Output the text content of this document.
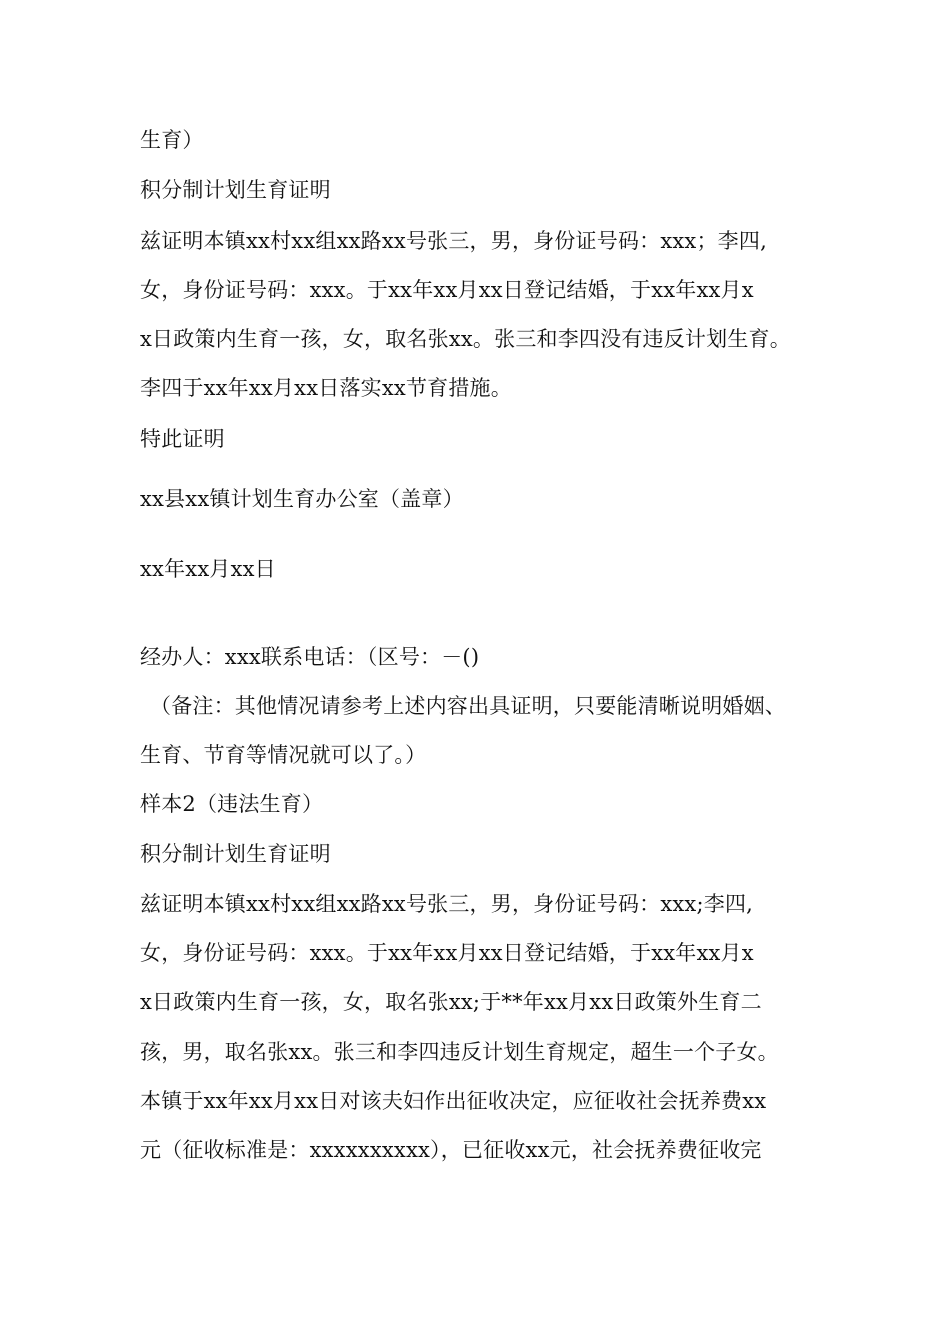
生育）
积分制计划生育证明
兹证明本镇xx村xx组xx路xx号张三，男，身份证号码：xxx；李四,
女，身份证号码：xxx。于xx年xx月xx日登记结婚，于xx年xx月x
x日政策内生育一孩，女，取名张xx。张三和李四没有违反计划生育。
李四于xx年xx月xx日落实xx节育措施。
特此证明
xx县xx镇计划生育办公室（盖章）
xx年xx月xx日
经办人：xxx联系电话：（区号：－()
（备注：其他情况请参考上述内容出具证明，只要能清晰说明婚姻、
生育、节育等情况就可以了。）
样本2（违法生育）
积分制计划生育证明
兹证明本镇xx村xx组xx路xx号张三，男，身份证号码：xxx;李四,
女，身份证号码：xxx。于xx年xx月xx日登记结婚，于xx年xx月x
x日政策内生育一孩，女，取名张xx;于**年xx月xx日政策外生育二
孩，男，取名张xx。张三和李四违反计划生育规定，超生一个子女。
本镇于xx年xx月xx日对该夫妇作出征收决定，应征收社会抚养费xx
元（征收标准是：xxxxxxxxxx），已征收xx元，社会抚养费征收完
